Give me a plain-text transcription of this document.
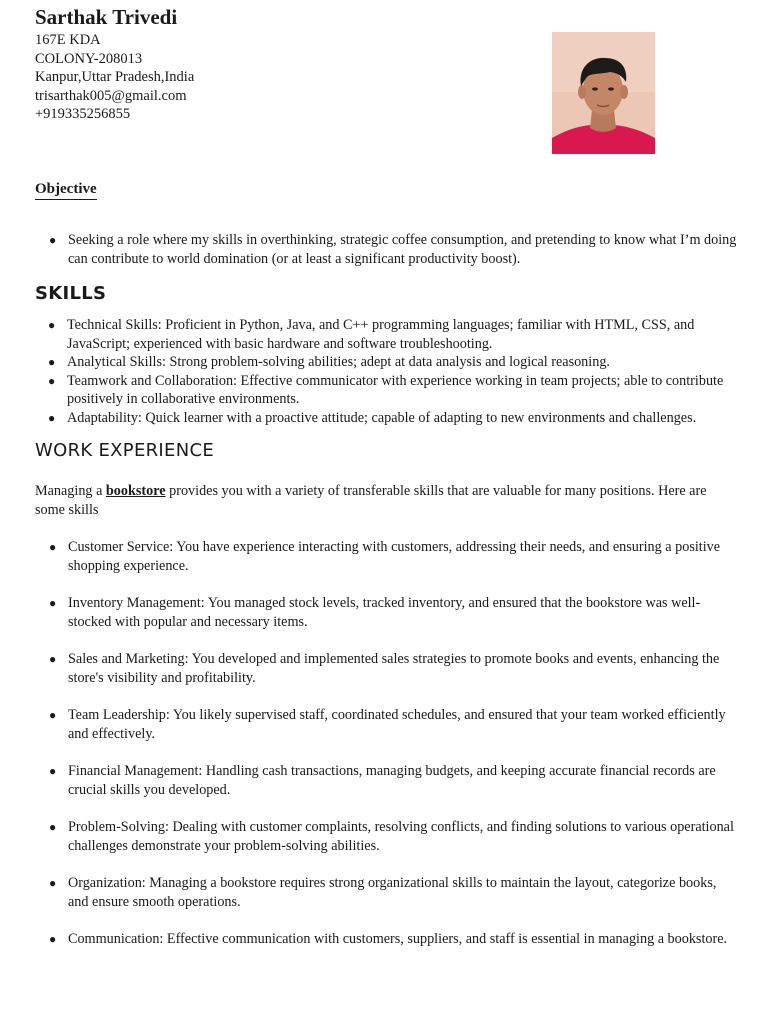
Sarthak Trivedi
167E KDA
COLONY-208013
Kanpur,Uttar Pradesh,India
trisarthak005@gmail.com
+919335256855
Objective
● Seeking a role where my skills in overthinking, strategic coffee consumption, and pretending to know what I’m doing can contribute to world domination (or at least a significant productivity boost).
SKILLS
● Technical Skills: Proficient in Python, Java, and C++ programming languages; familiar with HTML, CSS, and JavaScript; experienced with basic hardware and software troubleshooting.
● Analytical Skills: Strong problem-solving abilities; adept at data analysis and logical reasoning.
● Teamwork and Collaboration: Effective communicator with experience working in team projects; able to contribute positively in collaborative environments.
● Adaptability: Quick learner with a proactive attitude; capable of adapting to new environments and challenges.
WORK EXPERIENCE

Managing a bookstore provides you with a variety of transferable skills that are valuable for many positions. Here are some skills

● Customer Service: You have experience interacting with customers, addressing their needs, and ensuring a positive shopping experience.
● Inventory Management: You managed stock levels, tracked inventory, and ensured that the bookstore was well-stocked with popular and necessary items.
● Sales and Marketing: You developed and implemented sales strategies to promote books and events, enhancing the store's visibility and profitability.
● Team Leadership: You likely supervised staff, coordinated schedules, and ensured that your team worked efficiently and effectively.
● Financial Management: Handling cash transactions, managing budgets, and keeping accurate financial records are crucial skills you developed.
● Problem-Solving: Dealing with customer complaints, resolving conflicts, and finding solutions to various operational challenges demonstrate your problem-solving abilities.
● Organization: Managing a bookstore requires strong organizational skills to maintain the layout, categorize books, and ensure smooth operations.
● Communication: Effective communication with customers, suppliers, and staff is essential in managing a bookstore.
